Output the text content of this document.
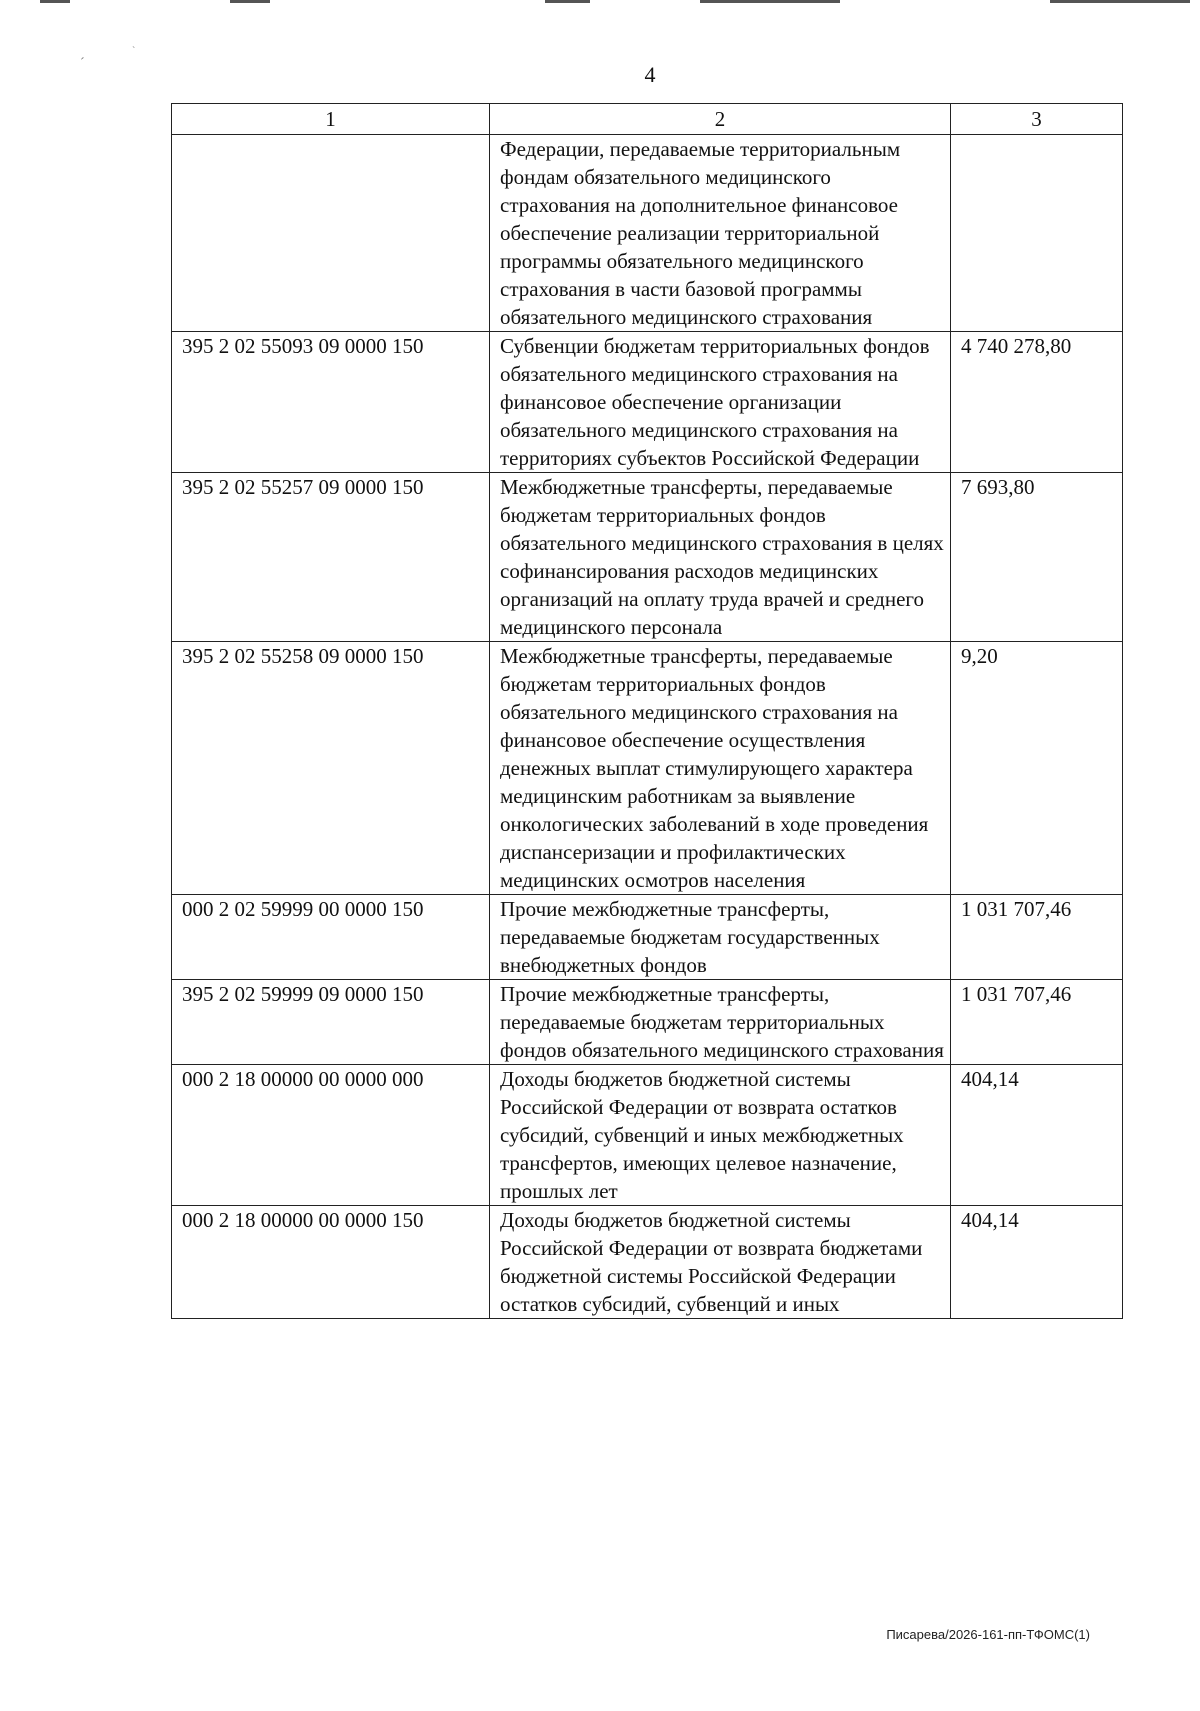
´
`
4
1	2	3
	Федерации, передаваемые территориальным фондам обязательного медицинского страхования на дополнительное финансовое обеспечение реализации территориальной программы обязательного медицинского страхования в части базовой программы обязательного медицинского страхования	
395 2 02 55093 09 0000 150	Субвенции бюджетам территориальных фондов обязательного медицинского страхования на финансовое обеспечение организации обязательного медицинского страхования на территориях субъектов Российской Федерации	4 740 278,80
395 2 02 55257 09 0000 150	Межбюджетные трансферты, передаваемые бюджетам территориальных фондов обязательного медицинского страхования в целях софинансирования расходов медицинских организаций на оплату труда врачей и среднего медицинского персонала	7 693,80
395 2 02 55258 09 0000 150	Межбюджетные трансферты, передаваемые бюджетам территориальных фондов обязательного медицинского страхования на финансовое обеспечение осуществления денежных выплат стимулирующего характера медицинским работникам за выявление онкологических заболеваний в ходе проведения диспансеризации и профилактических медицинских осмотров населения	9,20
000 2 02 59999 00 0000 150	Прочие межбюджетные трансферты, передаваемые бюджетам государственных внебюджетных фондов	1 031 707,46
395 2 02 59999 09 0000 150	Прочие межбюджетные трансферты, передаваемые бюджетам территориальных фондов обязательного медицинского страхования	1 031 707,46
000 2 18 00000 00 0000 000	Доходы бюджетов бюджетной системы Российской Федерации от возврата остатков субсидий, субвенций и иных межбюджетных трансфертов, имеющих целевое назначение, прошлых лет	404,14
000 2 18 00000 00 0000 150	Доходы бюджетов бюджетной системы Российской Федерации от возврата бюджетами бюджетной системы Российской Федерации остатков субсидий, субвенций и иных	404,14
Писарева/2026-161-пп-ТФОМС(1)
